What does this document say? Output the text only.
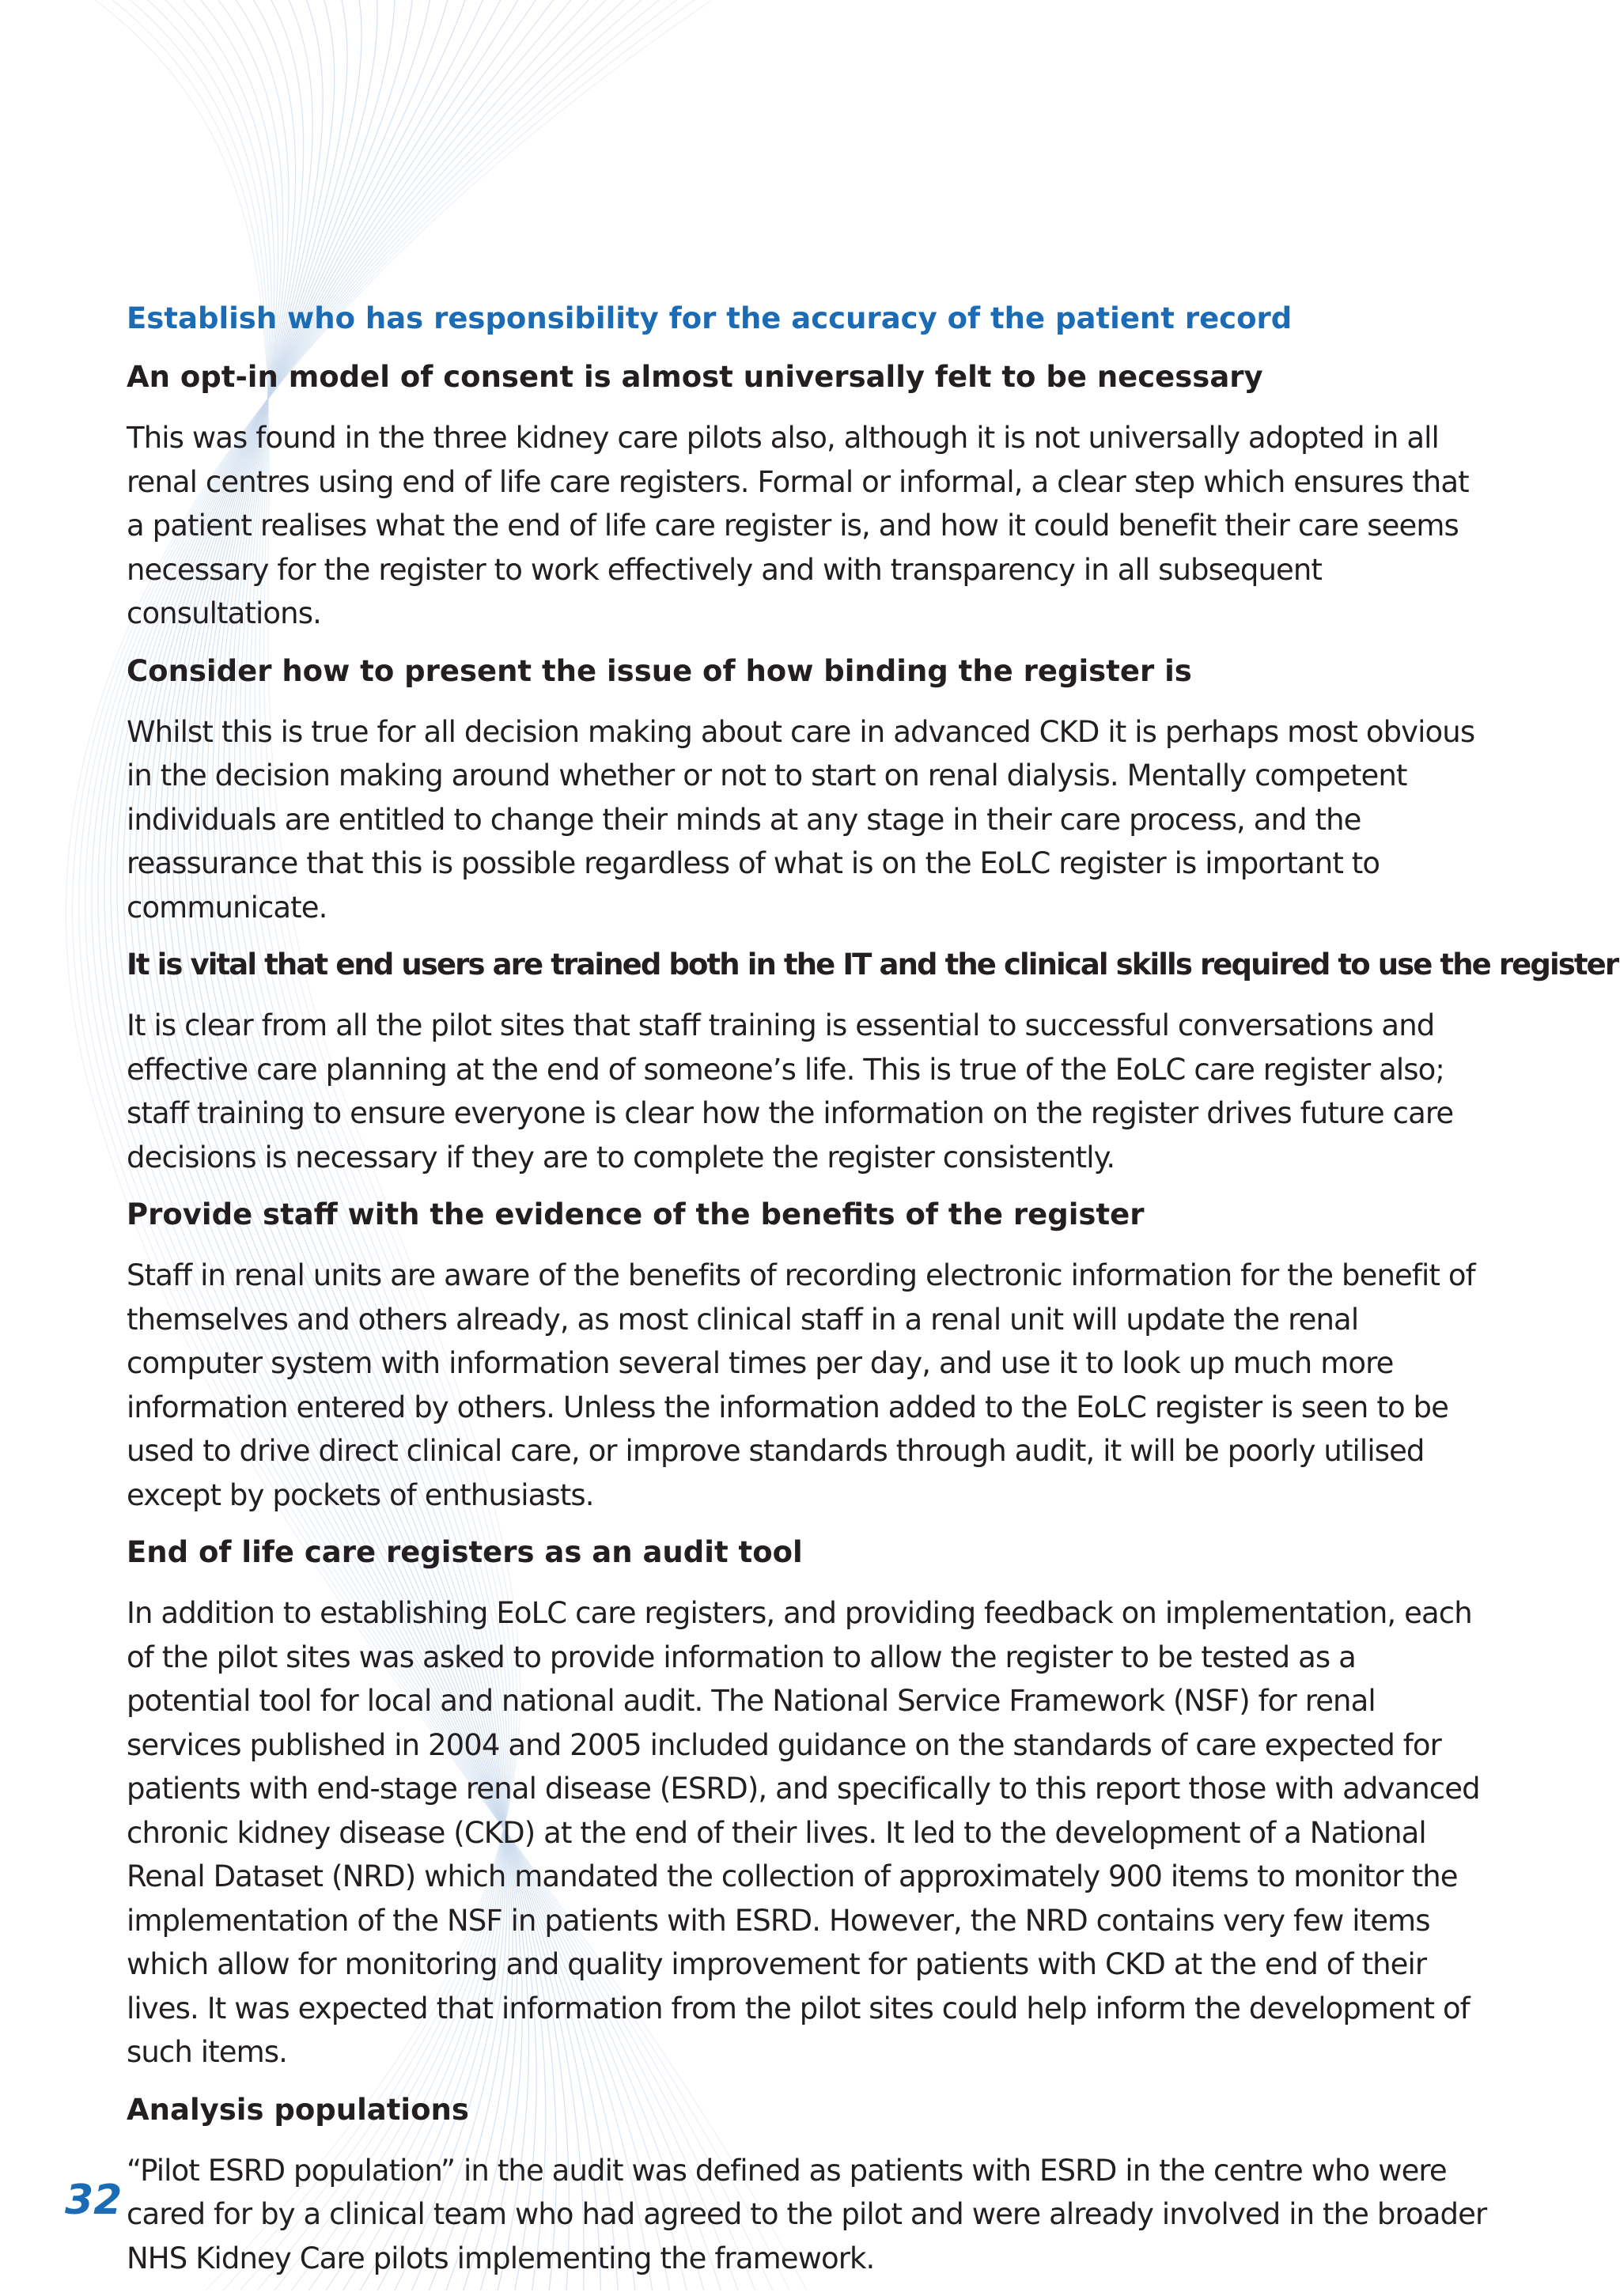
Establish who has responsibility for the accuracy of the patient record
An opt-in model of consent is almost universally felt to be necessary
This was found in the three kidney care pilots also, although it is not universally adopted in all renal centres using end of life care registers. Formal or informal, a clear step which ensures that a patient realises what the end of life care register is, and how it could benefit their care seems necessary for the register to work effectively and with transparency in all subsequent consultations.
Consider how to present the issue of how binding the register is
Whilst this is true for all decision making about care in advanced CKD it is perhaps most obvious in the decision making around whether or not to start on renal dialysis. Mentally competent individuals are entitled to change their minds at any stage in their care process, and the reassurance that this is possible regardless of what is on the EoLC register is important to communicate.
It is vital that end users are trained both in the IT and the clinical skills required to use the register
It is clear from all the pilot sites that staff training is essential to successful conversations and effective care planning at the end of someone’s life. This is true of the EoLC care register also; staff training to ensure everyone is clear how the information on the register drives future care decisions is necessary if they are to complete the register consistently.
Provide staff with the evidence of the benefits of the register
Staff in renal units are aware of the benefits of recording electronic information for the benefit of themselves and others already, as most clinical staff in a renal unit will update the renal computer system with information several times per day, and use it to look up much more information entered by others. Unless the information added to the EoLC register is seen to be used to drive direct clinical care, or improve standards through audit, it will be poorly utilised except by pockets of enthusiasts.
End of life care registers as an audit tool
In addition to establishing EoLC care registers, and providing feedback on implementation, each of the pilot sites was asked to provide information to allow the register to be tested as a potential tool for local and national audit. The National Service Framework (NSF) for renal services published in 2004 and 2005 included guidance on the standards of care expected for patients with end-stage renal disease (ESRD), and specifically to this report those with advanced chronic kidney disease (CKD) at the end of their lives. It led to the development of a National Renal Dataset (NRD) which mandated the collection of approximately 900 items to monitor the implementation of the NSF in patients with ESRD. However, the NRD contains very few items which allow for monitoring and quality improvement for patients with CKD at the end of their lives. It was expected that information from the pilot sites could help inform the development of such items.
Analysis populations
“Pilot ESRD population” in the audit was defined as patients with ESRD in the centre who were cared for by a clinical team who had agreed to the pilot and were already involved in the broader NHS Kidney Care pilots implementing the framework.
32
